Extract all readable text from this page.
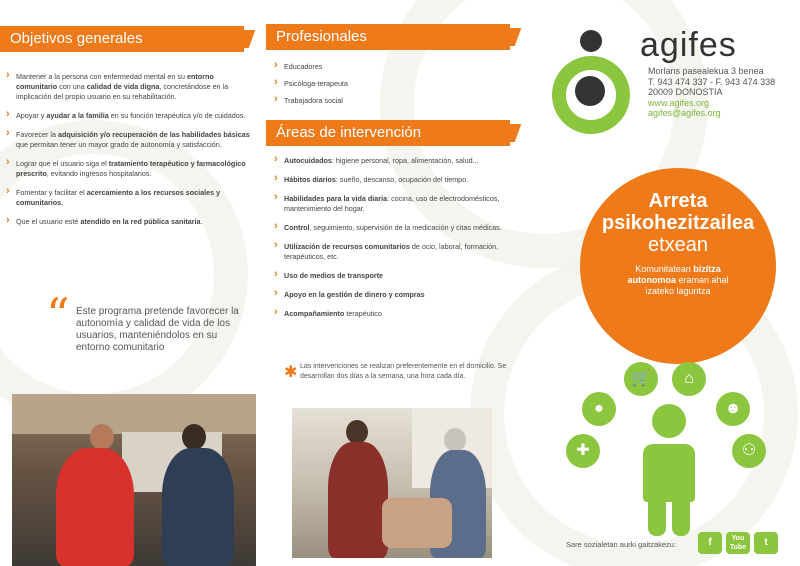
Objetivos generales
› Mantener a la persona con enfermedad mental en su entorno comunitario con una calidad de vida digna, concretándose en la implicación del propio usuario en su rehabilitación.
› Apoyar y ayudar a la familia en su función terapéutica y/o de cuidados.
› Favorecer la adquisición y/o recuperación de las habilidades básicas que permitan tener un mayor grado de autonomía y satisfacción.
› Lograr que el usuario siga el tratamiento terapéutico y farmacológico prescrito, evitando ingresos hospitalarios.
› Fomentar y facilitar el acercamiento a los recursos sociales y comunitarios.
› Que el usuario esté atendido en la red pública sanitaria.
“ Este programa pretende favorecer la autonomía y calidad de vida de los usuarios, manteniéndolos en su entorno comunitario
Profesionales
› Educadores
› Psicóloga-terapeuta
› Trabajadora social
Áreas de intervención
› Autocuidados: higiene personal, ropa, alimentación, salud...
› Hábitos diarios: sueño, descanso, ocupación del tiempo.
› Habilidades para la vida diaria: cocina, uso de electrodomésticos, mantenimiento del hogar.
› Control, seguimiento, supervisión de la medicación y citas médicas.
› Utilización de recursos comunitarios de ocio, laboral, formación, terapéuticos, etc.
› Uso de medios de transporte
› Apoyo en la gestión de dinero y compras
› Acompañamiento terapéutico
✱ Las intervenciones se realizan preferentemente en el domicilio. Se desarrollan dos días a la semana, una hora cada día.
agifes
Morlans pasealekua 3 benea
T. 943 474 337 - F. 943 474 338
20009 DONOSTIA
www.agifes.org
agifes@agifes.org
Arreta
psikohezitzailea
etxean
Komunitatean bizitza
autonomoa eraman ahal
izateko laguntza
🛒	⌂
●	☻
✚	⚇
Sare sozialetan aurki gaitzakezu:	f	You Tube	t
